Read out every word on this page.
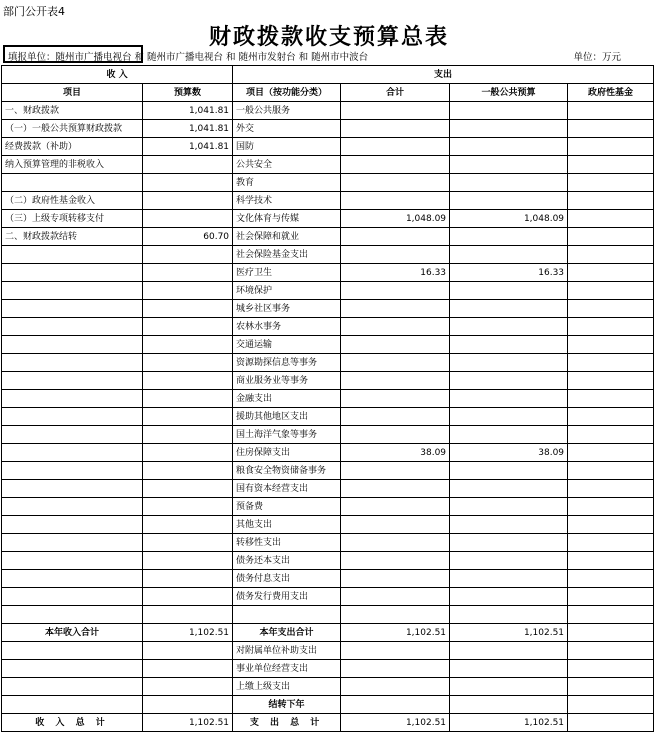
部门公开表4
财政拨款收支预算总表
填报单位：随州市广播电视台 和 随州市广播电视台 和 随州市发射台 和 随州市中波台	单位：万元
收 入		支出			
项目	预算数	项目（按功能分类）	合计	一般公共预算	政府性基金
一、财政拨款	1,041.81	一般公共服务			
（一）一般公共预算财政拨款	1,041.81	外交			
经费拨款（补助）	1,041.81	国防			
纳入预算管理的非税收入		公共安全			
		教育			
（二）政府性基金收入		科学技术			
（三）上级专项转移支付		文化体育与传媒	1,048.09	1,048.09	
二、财政拨款结转	60.70	社会保障和就业			
		社会保险基金支出			
		医疗卫生	16.33	16.33	
		环境保护			
		城乡社区事务			
		农林水事务			
		交通运输			
		资源勘探信息等事务			
		商业服务业等事务			
		金融支出			
		援助其他地区支出			
		国土海洋气象等事务			
		住房保障支出	38.09	38.09	
		粮食安全物资储备事务			
		国有资本经营支出			
		预备费			
		其他支出			
		转移性支出			
		债务还本支出			
		债务付息支出			
		债务发行费用支出			

本年收入合计	1,102.51	本年支出合计	1,102.51	1,102.51	
		对附属单位补助支出			
		事业单位经营支出			
		上缴上级支出			
		结转下年			
收 入 总 计	1,102.51	支 出 总 计	1,102.51	1,102.51	
